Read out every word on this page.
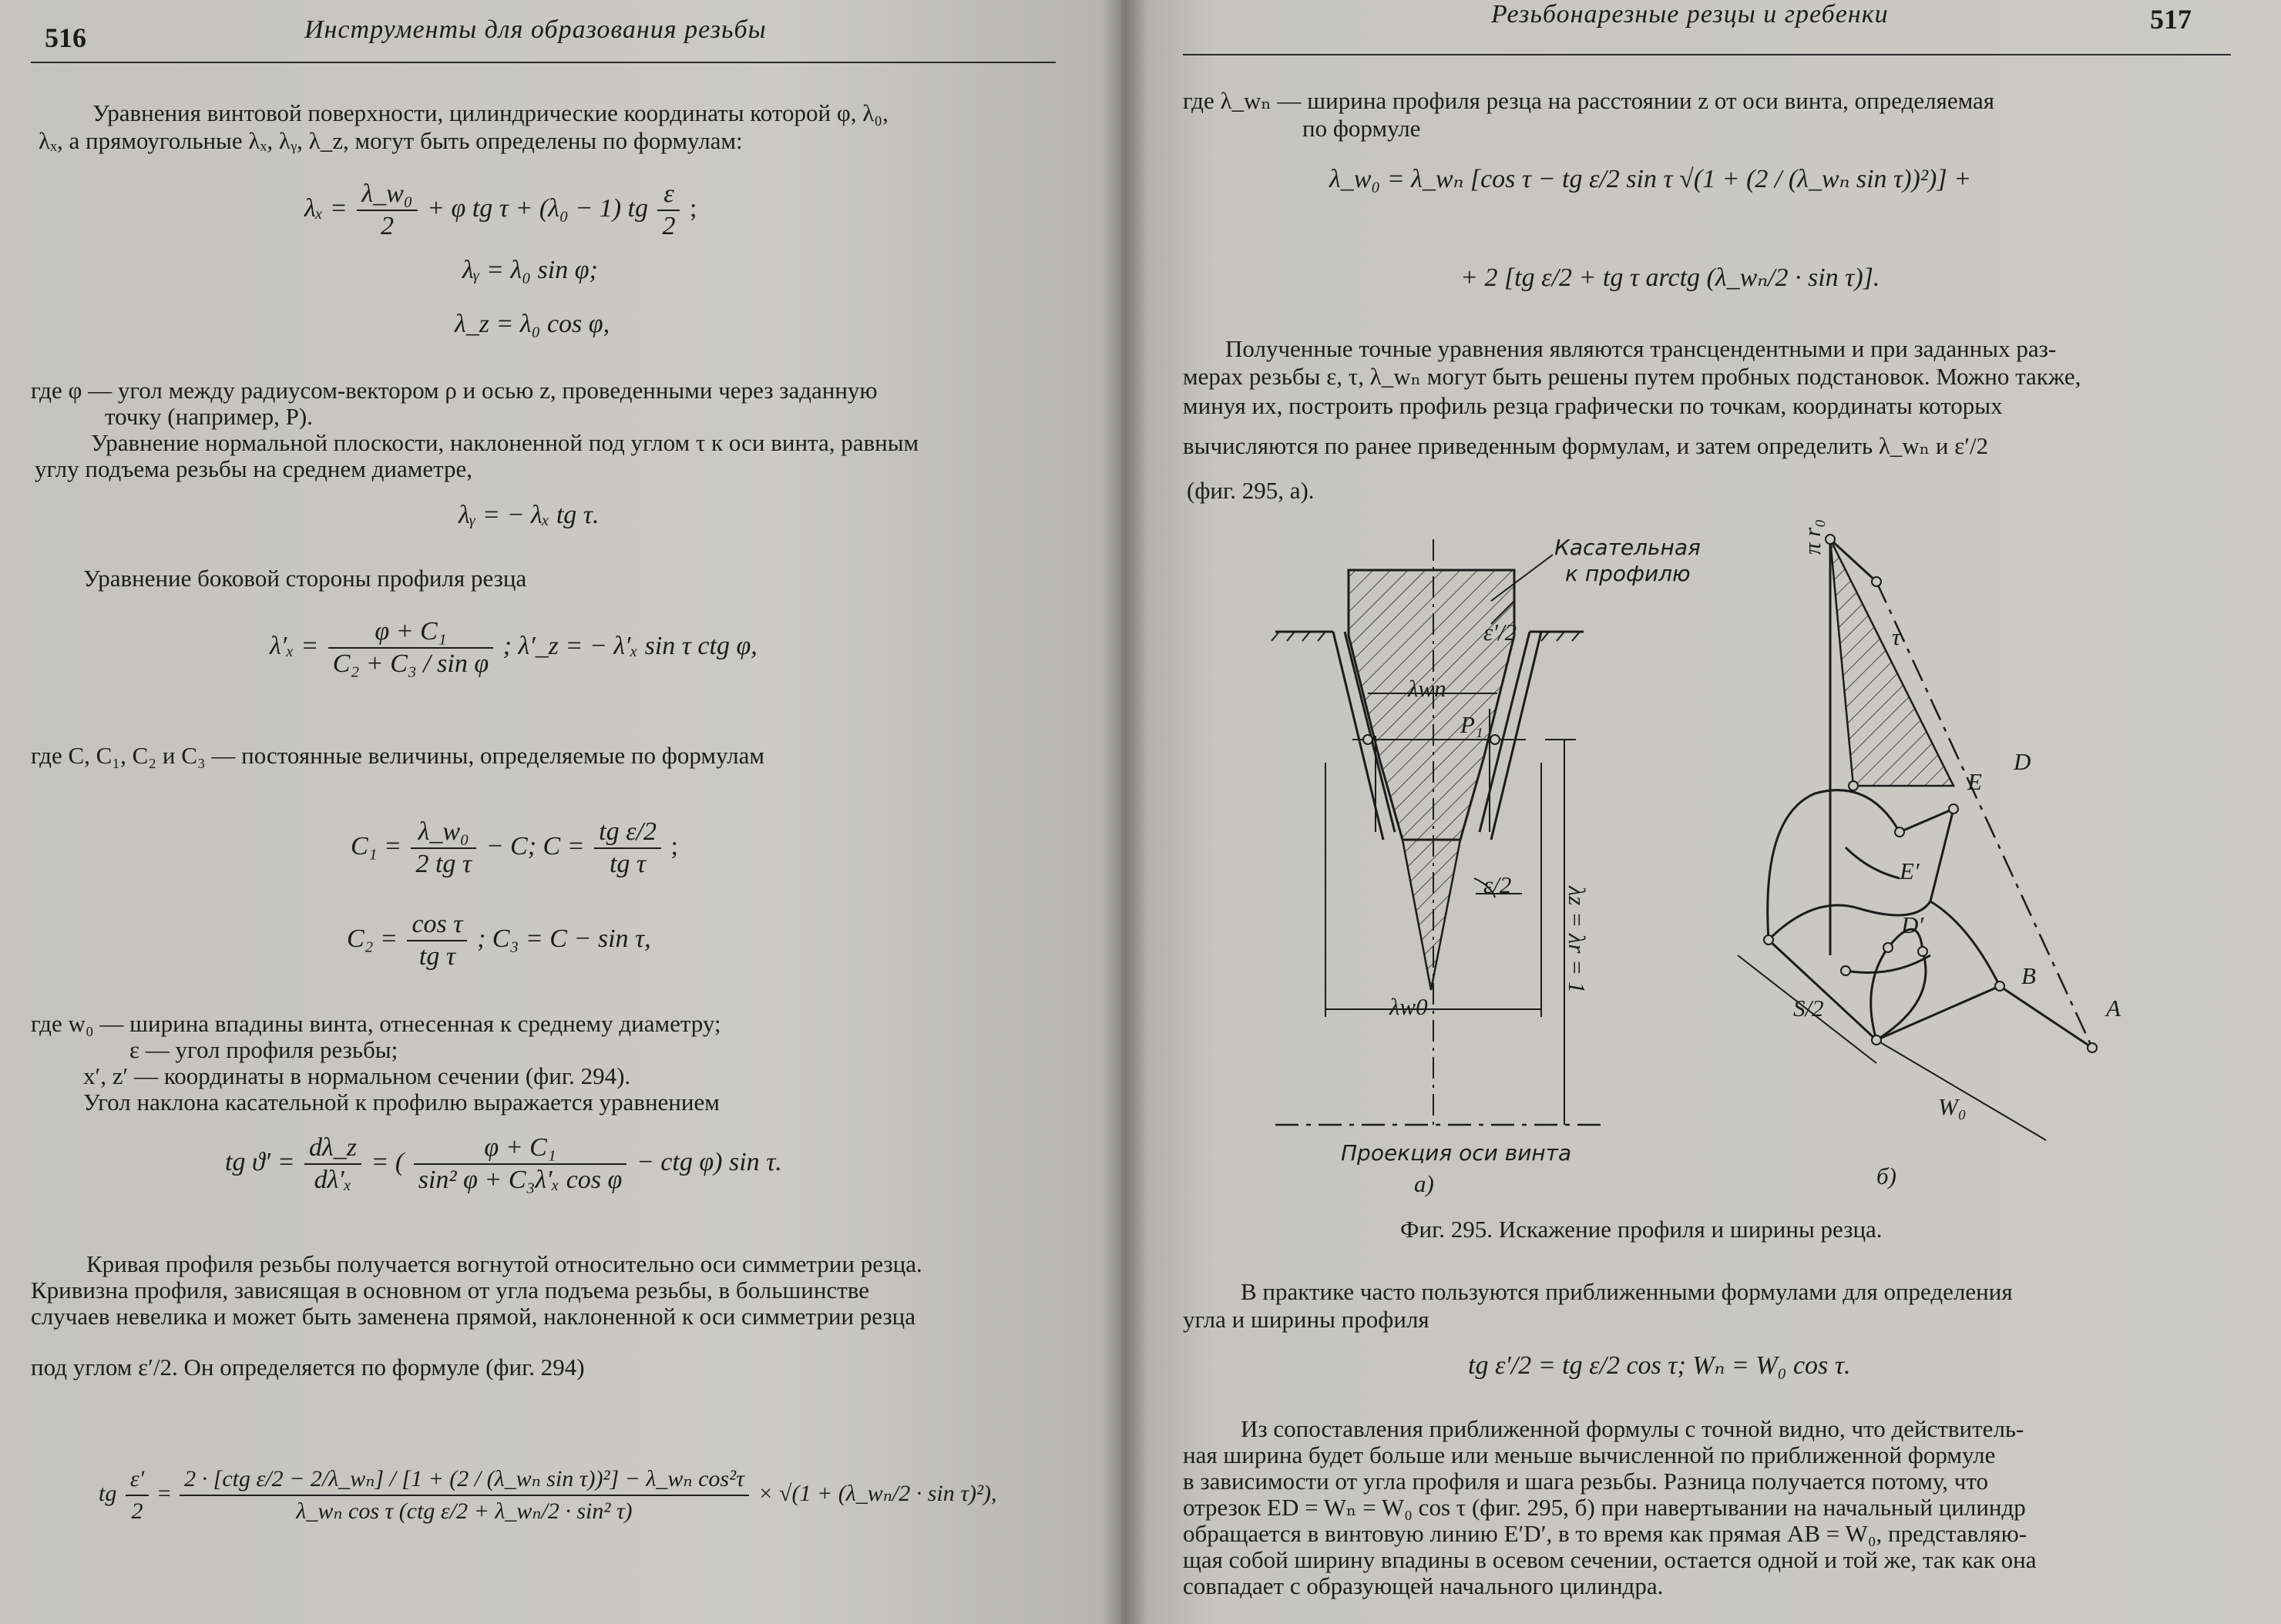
516	Инструменты для образования резьбы
Уравнения винтовой поверхности, цилиндрические координаты которой φ, λ₀,
λₓ, а прямоугольные λₓ, λᵧ, λ_z, могут быть определены по формулам:
$\lambda_x = \frac{\text{λ\_w₀}}{2} + \varphi$ tg τ + (λ₀ − 1) tg $\frac{\varepsilon}{2}$ ;
λᵧ = λ₀ sin φ;
λ_z = λ₀ cos φ,
где φ — угол между радиусом-вектором ρ и осью z, проведенными через заданную
точку (например, P).
Уравнение нормальной плоскости, наклоненной под углом τ к оси винта, равным
углу подъема резьбы на среднем диаметре,
λᵧ = − λₓ tg τ.
Уравнение боковой стороны профиля резца
$\lambda'_x = \frac{\text{φ + C₁}}{\text{C₂ + C₃ / sin φ}}$ ; λ′_z = − λ′ₓ sin τ ctg φ,
где C, C₁, C₂ и C₃ — постоянные величины, определяемые по формулам
$C_1 = \frac{\text{λ\_w₀}}{\text{2 tg τ}} - C$; $C = \frac{\text{tg ε/2}}{\text{tg τ}}$ ;
$C_2 = \frac{\text{cos τ}}{\text{tg τ}}$ ; C₃ = C − sin τ,
где w₀ — ширина впадины винта, отнесенная к среднему диаметру;
ε — угол профиля резьбы;
x′, z′ — координаты в нормальном сечении (фиг. 294).
Угол наклона касательной к профилю выражается уравнением
tg $ϑ' = \frac{d\lambda\_z}{\text{dλ′ₓ}}$ = ( $\frac{\text{φ + C₁}}{\text{sin² φ + C₃λ′ₓ cos φ}}$ − ctg φ) sin τ.
Кривая профиля резьбы получается вогнутой относительно оси симметрии резца.
Кривизна профиля, зависящая в основном от угла подъема резьбы, в большинстве
случаев невелика и может быть заменена прямой, наклоненной к оси симметрии резца
под углом ε′/2. Он определяется по формуле (фиг. 294)
tg $\frac{\varepsilon'}{2}$ =
2 · [ctg ε/2 − 2/λ_wₙ] / [1 + (2 / (λ_wₙ sin τ))²] − λ_wₙ cos²τ
λ_wₙ cos τ (ctg ε/2 + λ_wₙ/2 · sin² τ)
× √(1 + (λ_wₙ/2 · sin τ)²),
Резьбонарезные резцы и гребенки	517
где λ_wₙ — ширина профиля резца на расстоянии z от оси винта, определяемая
по формуле
λ_w₀ = λ_wₙ [cos τ − tg ε/2 sin τ √(1 + (2 / (λ_wₙ sin τ))²)] +
+ 2 [tg ε/2 + tg τ arctg (λ_wₙ/2 · sin τ)].
Полученные точные уравнения являются трансцендентными и при заданных раз-
мерах резьбы ε, τ, λ_wₙ могут быть решены путем пробных подстановок. Можно также,
минуя их, построить профиль резца графически по точкам, координаты которых
вычисляются по ранее приведенным формулам, и затем определить λ_wₙ и ε′/2
(фиг. 295, а).
Касательная
к профилю
λwn
P₁
ε′/2
ε/2
λw0
λz = λr = 1
Проекция оси винта
а)	б)
π r₀
τ
E
D
E′
D′
B
A
S/2
W₀
Фиг. 295. Искажение профиля и ширины резца.
В практике часто пользуются приближенными формулами для определения
угла и ширины профиля
tg ε′/2 = tg ε/2 cos τ; Wₙ = W₀ cos τ.
Из сопоставления приближенной формулы с точной видно, что действитель-
ная ширина будет больше или меньше вычисленной по приближенной формуле
в зависимости от угла профиля и шага резьбы. Разница получается потому, что
отрезок ED = Wₙ = W₀ cos τ (фиг. 295, б) при навертывании на начальный цилиндр
обращается в винтовую линию E′D′, в то время как прямая AB = W₀, представляю-
щая собой ширину впадины в осевом сечении, остается одной и той же, так как она
совпадает с образующей начального цилиндра.
